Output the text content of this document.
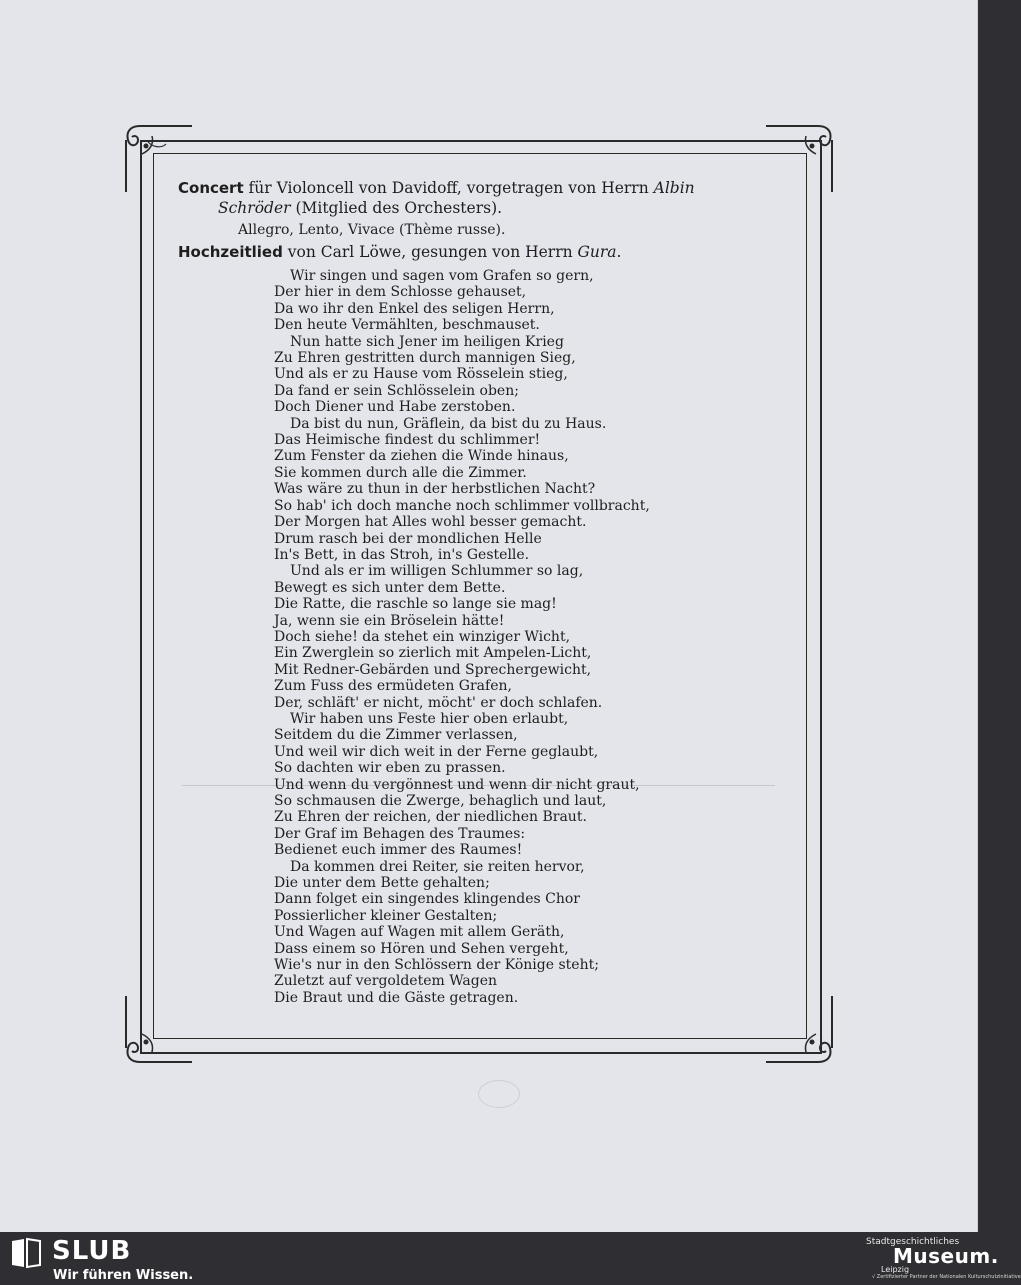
Concert für Violoncell von Davidoff, vorgetragen von Herrn Albin
Schröder (Mitglied des Orchesters).
Allegro, Lento, Vivace (Thème russe).
Hochzeitlied von Carl Löwe, gesungen von Herrn Gura.
Wir singen und sagen vom Grafen so gern,
Der hier in dem Schlosse gehauset,
Da wo ihr den Enkel des seligen Herrn,
Den heute Vermählten, beschmauset.
Nun hatte sich Jener im heiligen Krieg
Zu Ehren gestritten durch mannigen Sieg,
Und als er zu Hause vom Rösselein stieg,
Da fand er sein Schlösselein oben;
Doch Diener und Habe zerstoben.
Da bist du nun, Gräflein, da bist du zu Haus.
Das Heimische findest du schlimmer!
Zum Fenster da ziehen die Winde hinaus,
Sie kommen durch alle die Zimmer.
Was wäre zu thun in der herbstlichen Nacht?
So hab' ich doch manche noch schlimmer vollbracht,
Der Morgen hat Alles wohl besser gemacht.
Drum rasch bei der mondlichen Helle
In's Bett, in das Stroh, in's Gestelle.
Und als er im willigen Schlummer so lag,
Bewegt es sich unter dem Bette.
Die Ratte, die raschle so lange sie mag!
Ja, wenn sie ein Bröselein hätte!
Doch siehe! da stehet ein winziger Wicht,
Ein Zwerglein so zierlich mit Ampelen-Licht,
Mit Redner-Gebärden und Sprechergewicht,
Zum Fuss des ermüdeten Grafen,
Der, schläft' er nicht, möcht' er doch schlafen.
Wir haben uns Feste hier oben erlaubt,
Seitdem du die Zimmer verlassen,
Und weil wir dich weit in der Ferne geglaubt,
So dachten wir eben zu prassen.
Und wenn du vergönnest und wenn dir nicht graut,
So schmausen die Zwerge, behaglich und laut,
Zu Ehren der reichen, der niedlichen Braut.
Der Graf im Behagen des Traumes:
Bedienet euch immer des Raumes!
Da kommen drei Reiter, sie reiten hervor,
Die unter dem Bette gehalten;
Dann folget ein singendes klingendes Chor
Possierlicher kleiner Gestalten;
Und Wagen auf Wagen mit allem Geräth,
Dass einem so Hören und Sehen vergeht,
Wie's nur in den Schlössern der Könige steht;
Zuletzt auf vergoldetem Wagen
Die Braut und die Gäste getragen.
SLUB
Wir führen Wissen.
Stadtgeschichtliches
Museum.
Leipzig
√ Zertifizierter Partner der Nationalen Kulturschutzinitiative
